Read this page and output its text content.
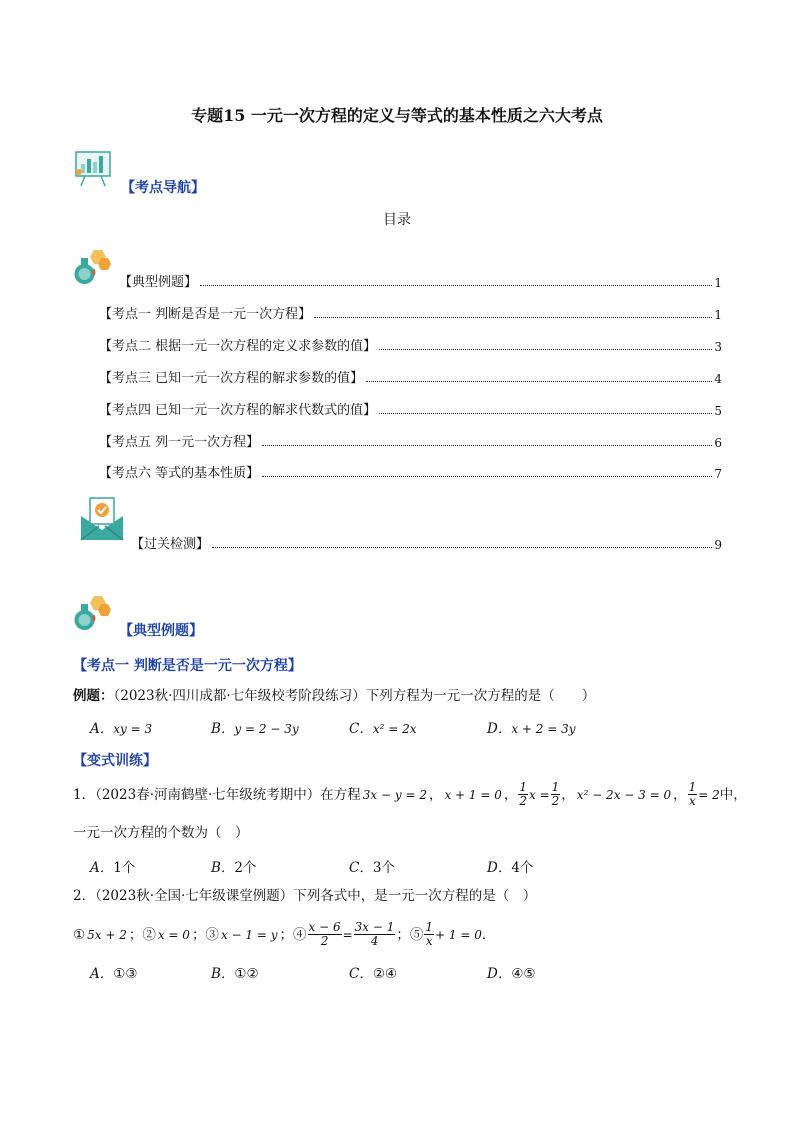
专题15 一元一次方程的定义与等式的基本性质之六大考点
【考点导航】
目录
【典型例题】	1
【考点一 判断是否是一元一次方程】	1
【考点二 根据一元一次方程的定义求参数的值】	3
【考点三 已知一元一次方程的解求参数的值】	4
【考点四 已知一元一次方程的解求代数式的值】	5
【考点五 列一元一次方程】	6
【考点六 等式的基本性质】	7
【过关检测】	9
【典型例题】
【考点一 判断是否是一元一次方程】
例题：（2023秋·四川成都·七年级校考阶段练习）下列方程为一元一次方程的是（　　）
A．xy = 3	B．y = 2 − 3y	C．x² = 2x	D．x + 2 = 3y
【变式训练】
1．（2023春·河南鹤壁·七年级统考期中）在方程 3x − y = 2 ， x + 1 = 0 ， $\frac{1}{2}$ $x = \frac{1}{2}$ ， x² − 2x − 3 = 0 ， $\frac{1}{x} = 2$ 中，
一元一次方程的个数为（　）
A．1个	B．2个	C．3个	D．4个
2．（2023秋·全国·七年级课堂例题）下列各式中，是一元一次方程的是（　）
① 5x + 2 ；② x = 0 ；③ x − 1 = y ；④ $\frac{x - 6}{2} = \frac{3x - 1}{4}$ ；⑤ $\frac{1}{x} + 1 = 0$ ．
A．①③	B．①②	C．②④	D．④⑤
